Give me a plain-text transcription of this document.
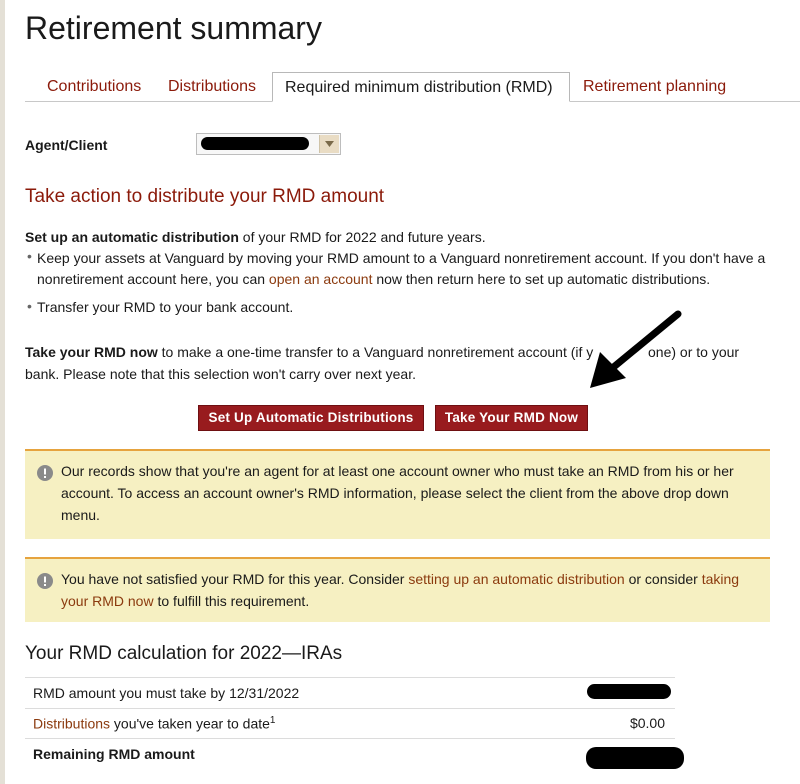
Retirement summary
Contributions Distributions	Required minimum distribution (RMD)	Retirement planning
Agent/Client
Take action to distribute your RMD amount
Set up an automatic distribution of your RMD for 2022 and future years.
• Keep your assets at Vanguard by moving your RMD amount to a Vanguard nonretirement account. If you don't have a
nonretirement account here, you can open an account now then return here to set up automatic distributions.
• Transfer your RMD to your bank account.
Take your RMD now to make a one-time transfer to a Vanguard nonretirement account (if y	one) or to your
bank. Please note that this selection won't carry over next year.
Set Up Automatic Distributions	Take Your RMD Now
Our records show that you're an agent for at least one account owner who must take an RMD from his or her
account. To access an account owner's RMD information, please select the client from the above drop down
menu.
You have not satisfied your RMD for this year. Consider setting up an automatic distribution or consider taking
your RMD now to fulfill this requirement.
Your RMD calculation for 2022—IRAs
RMD amount you must take by 12/31/2022
Distributions you've taken year to date$^1$	$0.00
Remaining RMD amount
